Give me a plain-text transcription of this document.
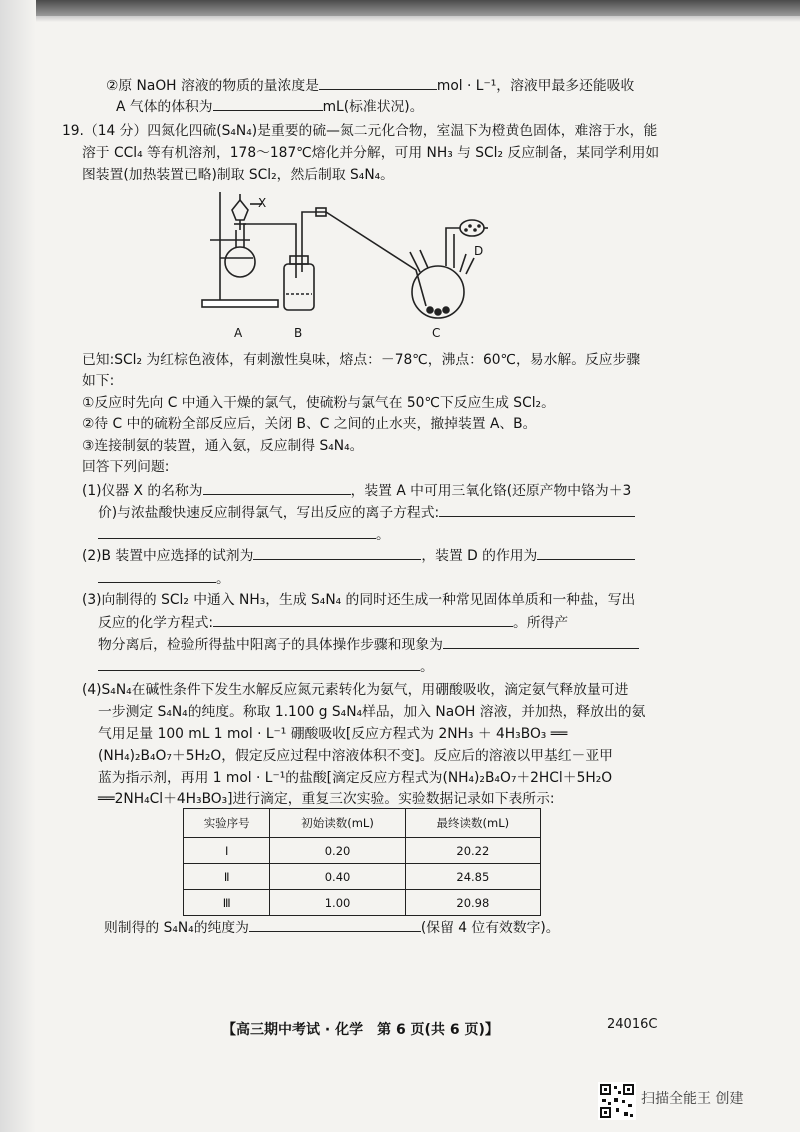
②原 NaOH 溶液的物质的量浓度是	mol · L⁻¹，溶液甲最多还能吸收
A 气体的体积为	mL(标准状况)。
19.（14 分）四氮化四硫(S₄N₄)是重要的硫—氮二元化合物，室温下为橙黄色固体，难溶于水，能
溶于 CCl₄ 等有机溶剂，178～187℃熔化并分解，可用 NH₃ 与 SCl₂ 反应制备，某同学利用如
图装置(加热装置已略)制取 SCl₂，然后制取 S₄N₄。
已知:SCl₂ 为红棕色液体，有刺激性臭味，熔点：－78℃，沸点：60℃，易水解。反应步骤
如下:
①反应时先向 C 中通入干燥的氯气，使硫粉与氯气在 50℃下反应生成 SCl₂。
②待 C 中的硫粉全部反应后，关闭 B、C 之间的止水夹，撤掉装置 A、B。
③连接制氨的装置，通入氨，反应制得 S₄N₄。
回答下列问题:
(1)仪器 X 的名称为	，装置 A 中可用三氧化铬(还原产物中铬为＋3
价)与浓盐酸快速反应制得氯气，写出反应的离子方程式:
。
(2)B 装置中应选择的试剂为	，装置 D 的作用为
。
(3)向制得的 SCl₂ 中通入 NH₃，生成 S₄N₄ 的同时还生成一种常见固体单质和一种盐，写出
反应的化学方程式:	。所得产
物分离后，检验所得盐中阳离子的具体操作步骤和现象为
。
(4)S₄N₄在碱性条件下发生水解反应氮元素转化为氨气，用硼酸吸收，滴定氨气释放量可进
一步测定 S₄N₄的纯度。称取 1.100 g S₄N₄样品，加入 NaOH 溶液，并加热，释放出的氨
气用足量 100 mL 1 mol · L⁻¹ 硼酸吸收[反应方程式为 2NH₃ ＋ 4H₃BO₃ ══
(NH₄)₂B₄O₇＋5H₂O，假定反应过程中溶液体积不变]。反应后的溶液以甲基红－亚甲
蓝为指示剂，再用 1 mol · L⁻¹的盐酸[滴定反应方程式为(NH₄)₂B₄O₇＋2HCl＋5H₂O
══2NH₄Cl＋4H₃BO₃]进行滴定，重复三次实验。实验数据记录如下表所示:
则制得的 S₄N₄的纯度为	(保留 4 位有效数字)。
X
A	B	C
D
实验序号	初始读数(mL)	最终读数(mL)
Ⅰ	0.20	20.22
Ⅱ	0.40	24.85
Ⅲ	1.00	20.98
【高三期中考试 · 化学　第 6 页(共 6 页)】	24016C
扫描全能王 创建
